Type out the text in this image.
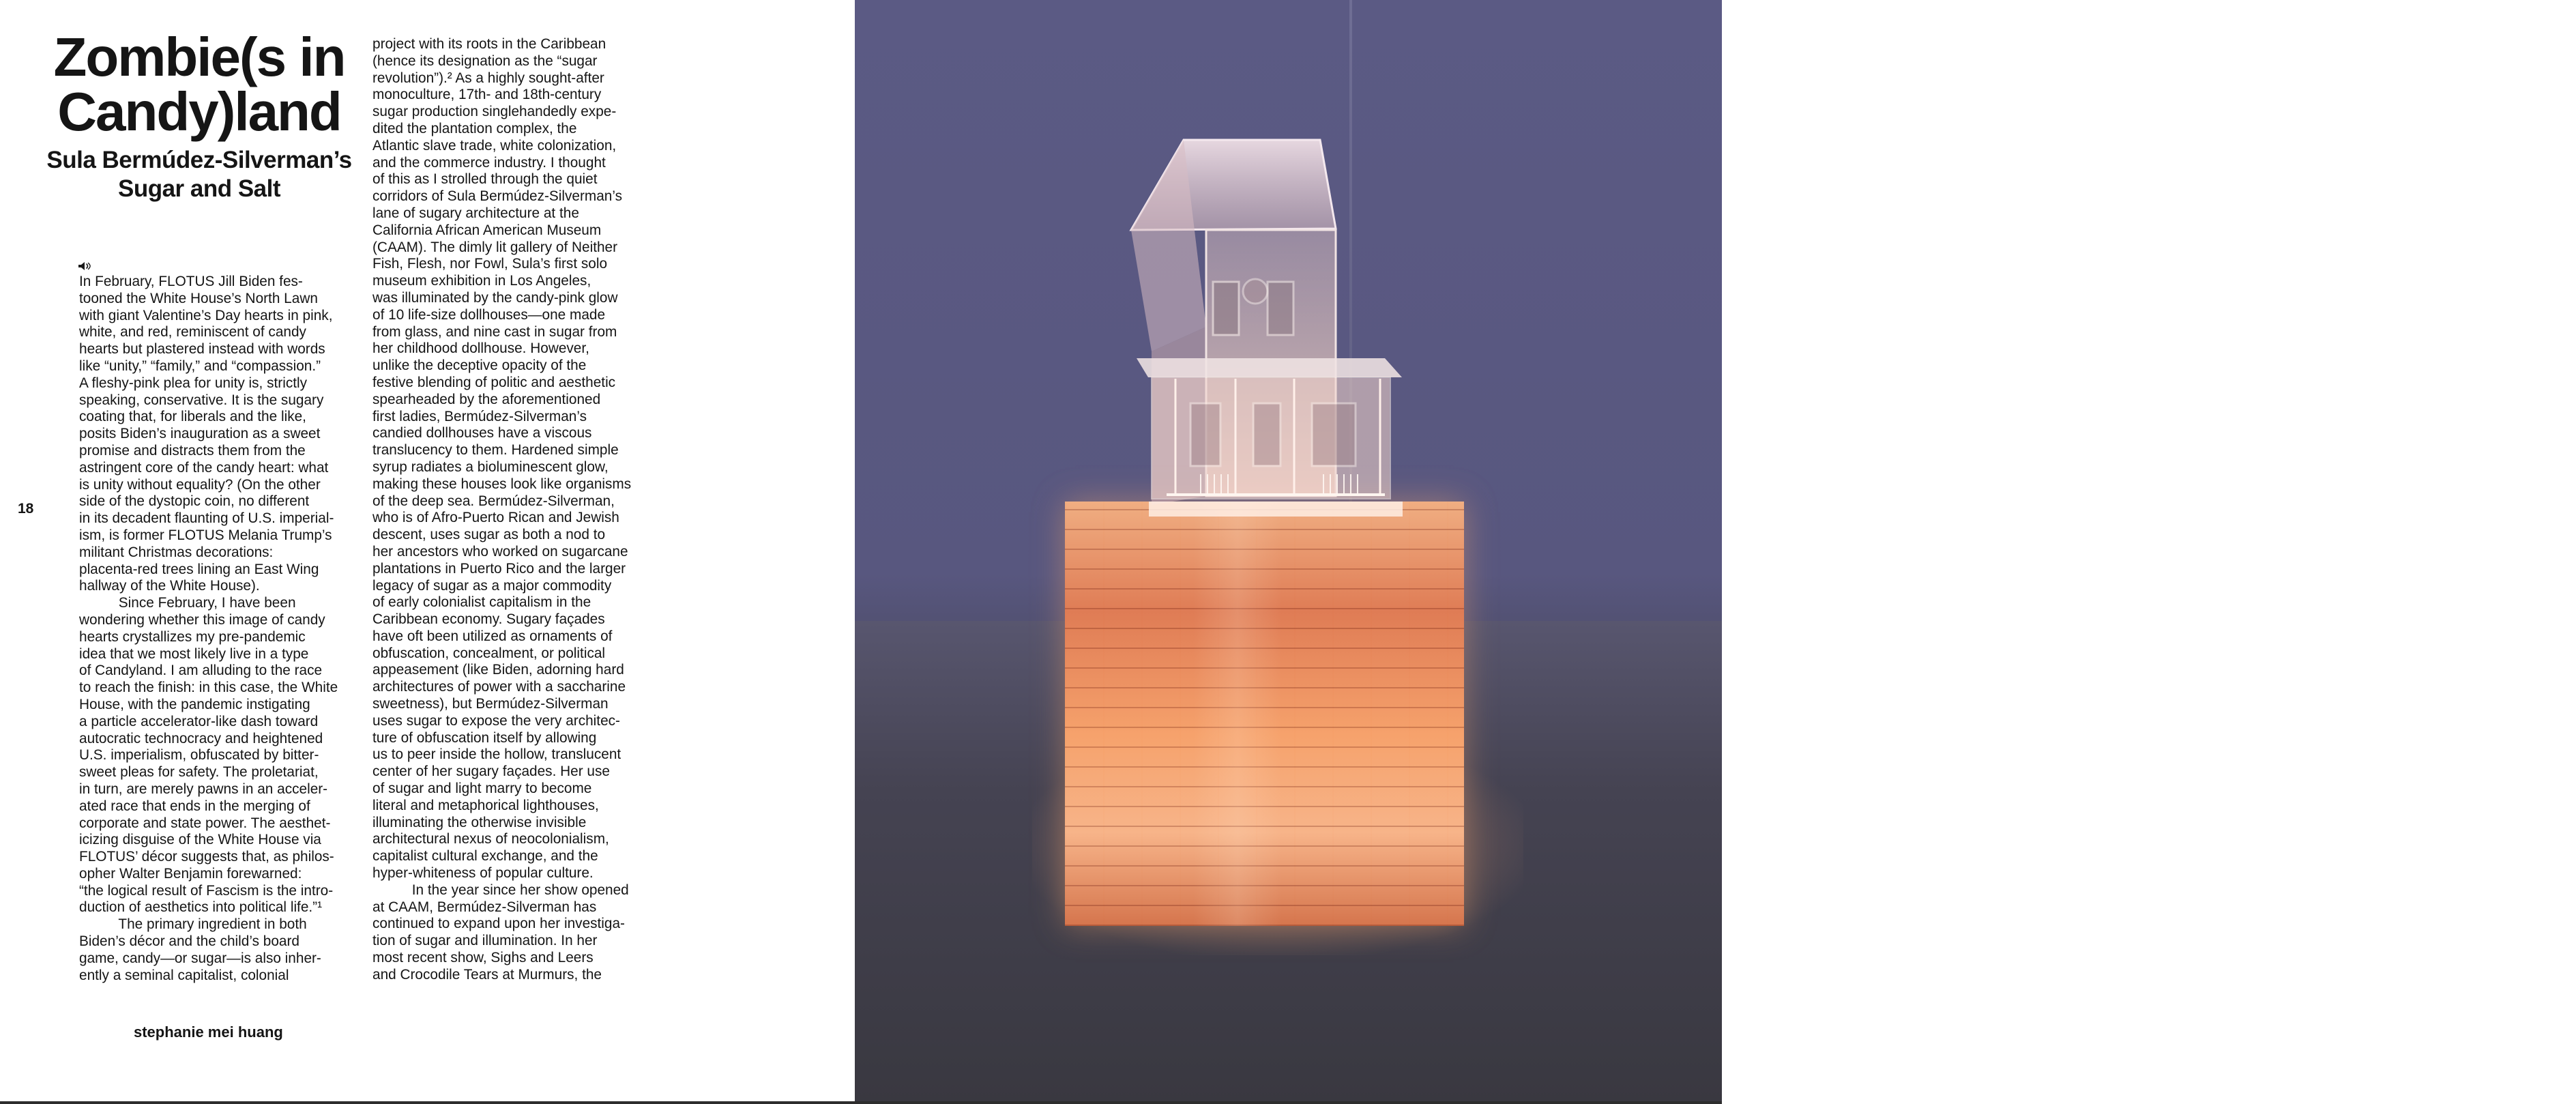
Zombie(s in
Candy)land
Sula Bermúdez-Silverman’s
Sugar and Salt

In February, FLOTUS Jill Biden fes-
tooned the White House’s North Lawn
with giant Valentine’s Day hearts in pink,
white, and red, reminiscent of candy
hearts but plastered instead with words
like “unity,” “family,” and “compassion.”
A fleshy-pink plea for unity is, strictly
speaking, conservative. It is the sugary
coating that, for liberals and the like,
posits Biden’s inauguration as a sweet
promise and distracts them from the
astringent core of the candy heart: what
is unity without equality? (On the other
side of the dystopic coin, no different
in its decadent flaunting of U.S. imperial-
ism, is former FLOTUS Melania Trump’s
militant Christmas decorations:
placenta-red trees lining an East Wing
hallway of the White House).
Since February, I have been
wondering whether this image of candy
hearts crystallizes my pre-pandemic
idea that we most likely live in a type
of Candyland. I am alluding to the race
to reach the finish: in this case, the White
House, with the pandemic instigating
a particle accelerator-like dash toward
autocratic technocracy and heightened
U.S. imperialism, obfuscated by bitter-
sweet pleas for safety. The proletariat,
in turn, are merely pawns in an acceler-
ated race that ends in the merging of
corporate and state power. The aesthet-
icizing disguise of the White House via
FLOTUS’ décor suggests that, as philos-
opher Walter Benjamin forewarned:
“the logical result of Fascism is the intro-
duction of aesthetics into political life.”¹
The primary ingredient in both
Biden’s décor and the child’s board
game, candy—or sugar—is also inher-
ently a seminal capitalist, colonial

project with its roots in the Caribbean
(hence its designation as the “sugar
revolution”).² As a highly sought-after
monoculture, 17th- and 18th-century
sugar production singlehandedly expe-
dited the plantation complex, the
Atlantic slave trade, white colonization,
and the commerce industry. I thought
of this as I strolled through the quiet
corridors of Sula Bermúdez-Silverman’s
lane of sugary architecture at the
California African American Museum
(CAAM). The dimly lit gallery of Neither
Fish, Flesh, nor Fowl, Sula’s first solo
museum exhibition in Los Angeles,
was illuminated by the candy-pink glow
of 10 life-size dollhouses—one made
from glass, and nine cast in sugar from
her childhood dollhouse. However,
unlike the deceptive opacity of the
festive blending of politic and aesthetic
spearheaded by the aforementioned
first ladies, Bermúdez-Silverman’s
candied dollhouses have a viscous
translucency to them. Hardened simple
syrup radiates a bioluminescent glow,
making these houses look like organisms
of the deep sea. Bermúdez-Silverman,
who is of Afro-Puerto Rican and Jewish
descent, uses sugar as both a nod to
her ancestors who worked on sugarcane
plantations in Puerto Rico and the larger
legacy of sugar as a major commodity
of early colonialist capitalism in the
Caribbean economy. Sugary façades
have oft been utilized as ornaments of
obfuscation, concealment, or political
appeasement (like Biden, adorning hard
architectures of power with a saccharine
sweetness), but Bermúdez-Silverman
uses sugar to expose the very architec-
ture of obfuscation itself by allowing
us to peer inside the hollow, translucent
center of her sugary façades. Her use
of sugar and light marry to become
literal and metaphorical lighthouses,
illuminating the otherwise invisible
architectural nexus of neocolonialism,
capitalist cultural exchange, and the
hyper-whiteness of popular culture.
In the year since her show opened
at CAAM, Bermúdez-Silverman has
continued to expand upon her investiga-
tion of sugar and illumination. In her
most recent show, Sighs and Leers
and Crocodile Tears at Murmurs, the

18

stephanie mei huang

Feature

19

Sula Bermúdez-Silverman, Repository I: Mother
(2021). Isomalt sugar, Himalayan sea salt,
epoxy resin, and found object, 44 × 36 × 56 inches.
Image courtesy of the artist and Murmurs.
Photo: Josh Schaedel.
